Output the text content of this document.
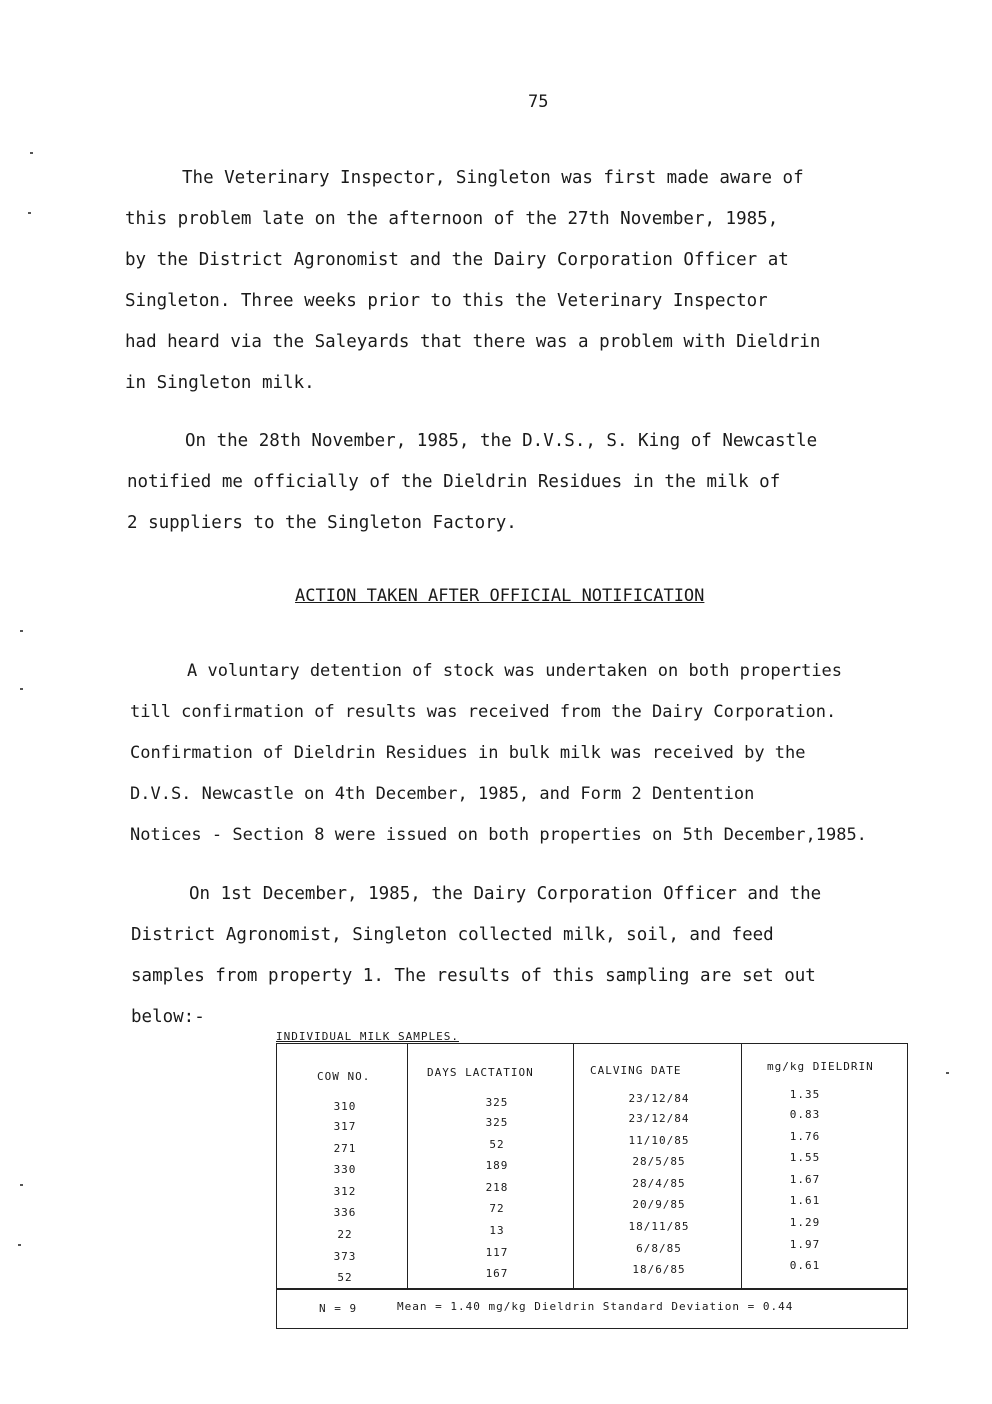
75
The Veterinary Inspector, Singleton was first made aware of
this problem late on the afternoon of the 27th November, 1985,
by the District Agronomist and the Dairy Corporation Officer at
Singleton. Three weeks prior to this the Veterinary Inspector
had heard via the Saleyards that there was a problem with Dieldrin
in Singleton milk.
On the 28th November, 1985, the D.V.S., S. King of Newcastle
notified me officially of the Dieldrin Residues in the milk of
2 suppliers to the Singleton Factory.
ACTION TAKEN AFTER OFFICIAL NOTIFICATION
A voluntary detention of stock was undertaken on both properties
till confirmation of results was received from the Dairy Corporation.
Confirmation of Dieldrin Residues in bulk milk was received by the
D.V.S. Newcastle on 4th December, 1985, and Form 2 Dentention
Notices - Section 8 were issued on both properties on 5th December,1985.
On 1st December, 1985, the Dairy Corporation Officer and the
District Agronomist, Singleton collected milk, soil, and feed
samples from property 1. The results of this sampling are set out
below:-
INDIVIDUAL MILK SAMPLES.
COW NO.	DAYS LACTATION	CALVING DATE	mg/kg DIELDRIN
310	325	23/12/84	1.35
317	325	23/12/84	0.83
271	52	11/10/85	1.76
330	189	28/5/85	1.55
312	218	28/4/85	1.67
336	72	20/9/85	1.61
22	13	18/11/85	1.29
373	117	6/8/85	1.97
52	167	18/6/85	0.61
N = 9	Mean = 1.40 mg/kg Dieldrin Standard Deviation = 0.44
